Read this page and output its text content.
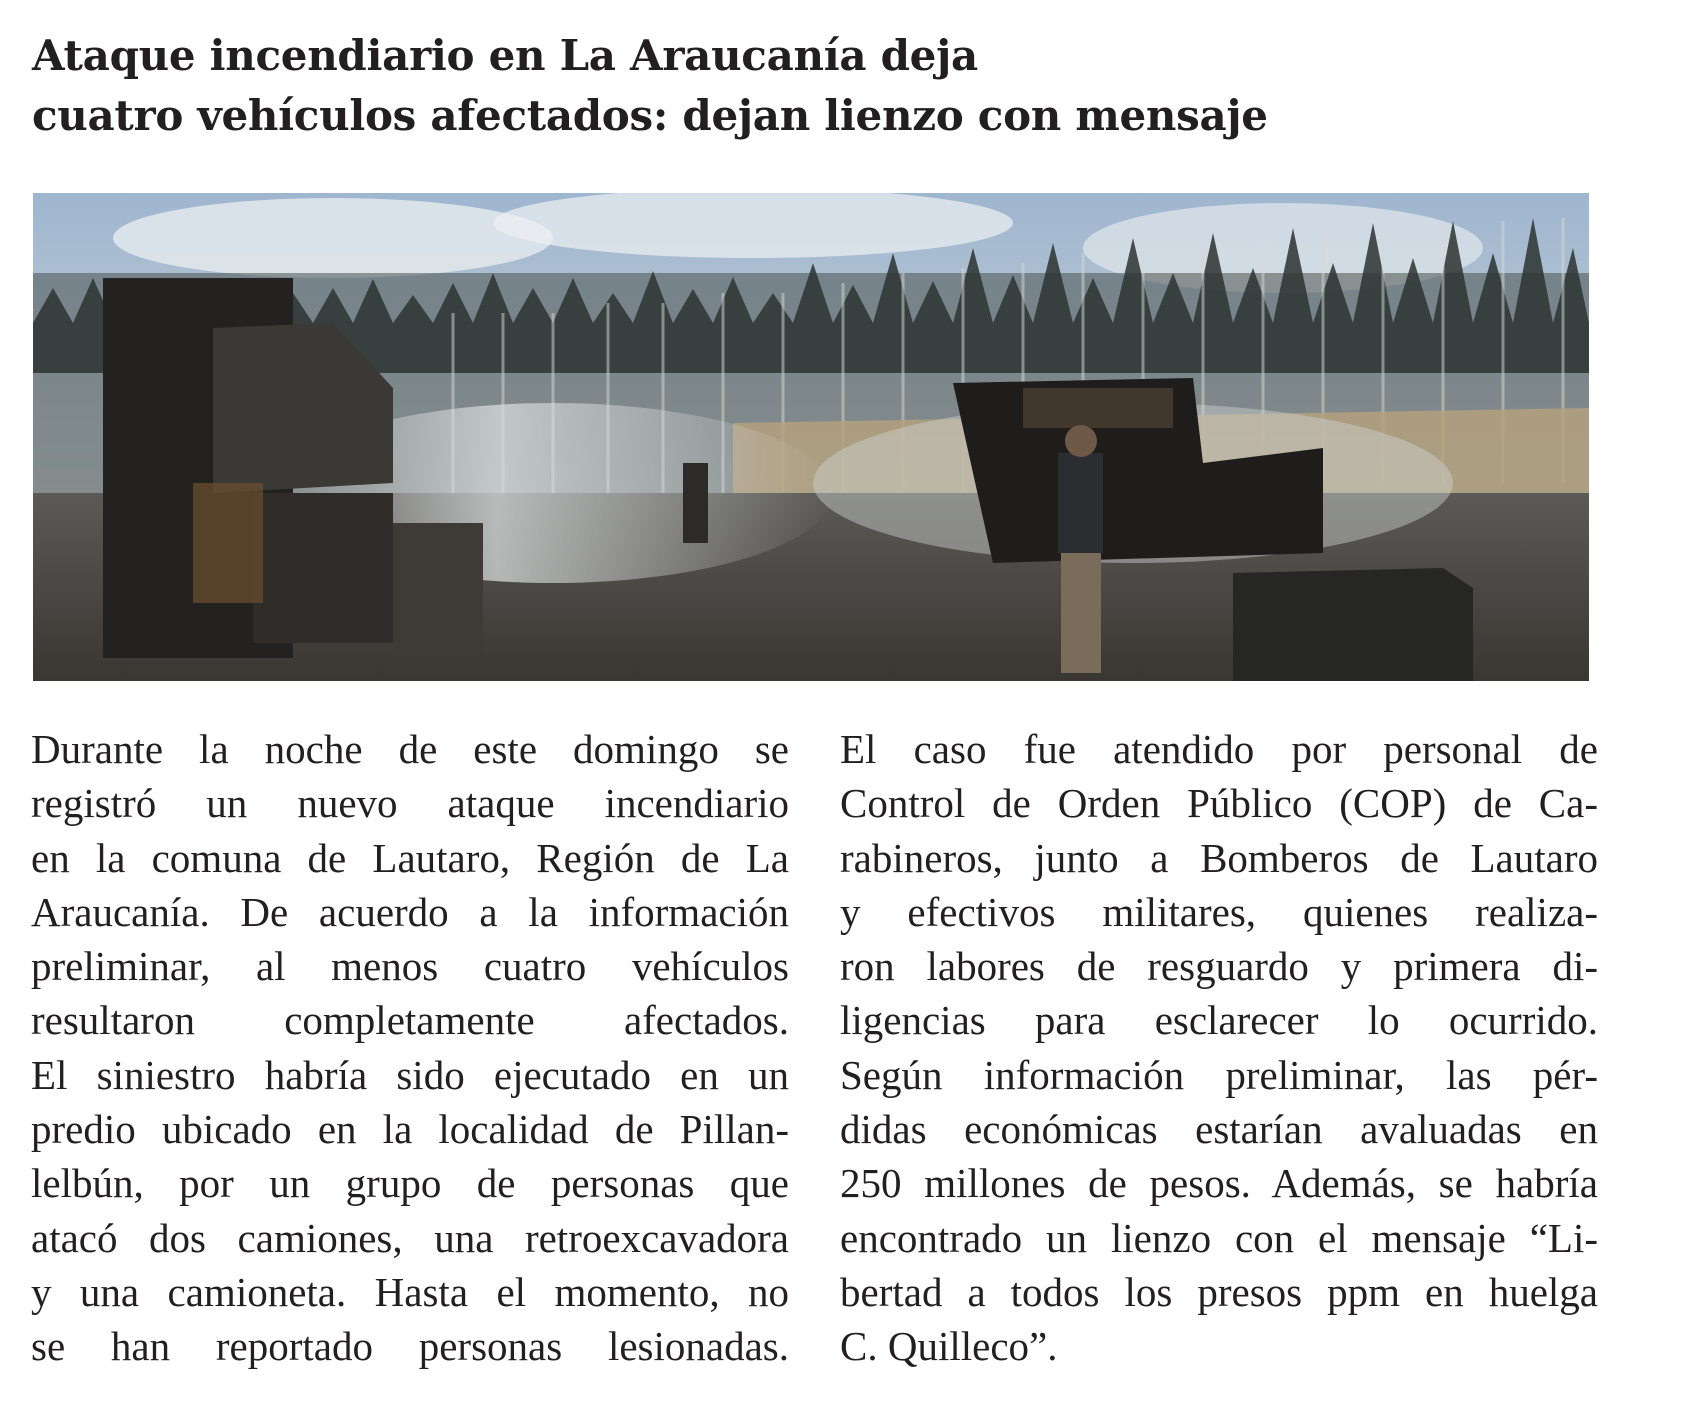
Ataque incendiario en La Araucanía deja
cuatro vehículos afectados: dejan lienzo con mensaje
Durante la noche de este domingo se
registró un nuevo ataque incendiario
en la comuna de Lautaro, Región de La
Araucanía. De acuerdo a la información
preliminar, al menos cuatro vehículos
resultaron completamente afectados.
El siniestro habría sido ejecutado en un
predio ubicado en la localidad de Pillan-
lelbún, por un grupo de personas que
atacó dos camiones, una retroexcavadora
y una camioneta. Hasta el momento, no
se han reportado personas lesionadas.
El caso fue atendido por personal de
Control de Orden Público (COP) de Ca-
rabineros, junto a Bomberos de Lautaro
y efectivos militares, quienes realiza-
ron labores de resguardo y primera di-
ligencias para esclarecer lo ocurrido.
Según información preliminar, las pér-
didas económicas estarían avaluadas en
250 millones de pesos. Además, se habría
encontrado un lienzo con el mensaje “Li-
bertad a todos los presos ppm en huelga
C. Quilleco”.
